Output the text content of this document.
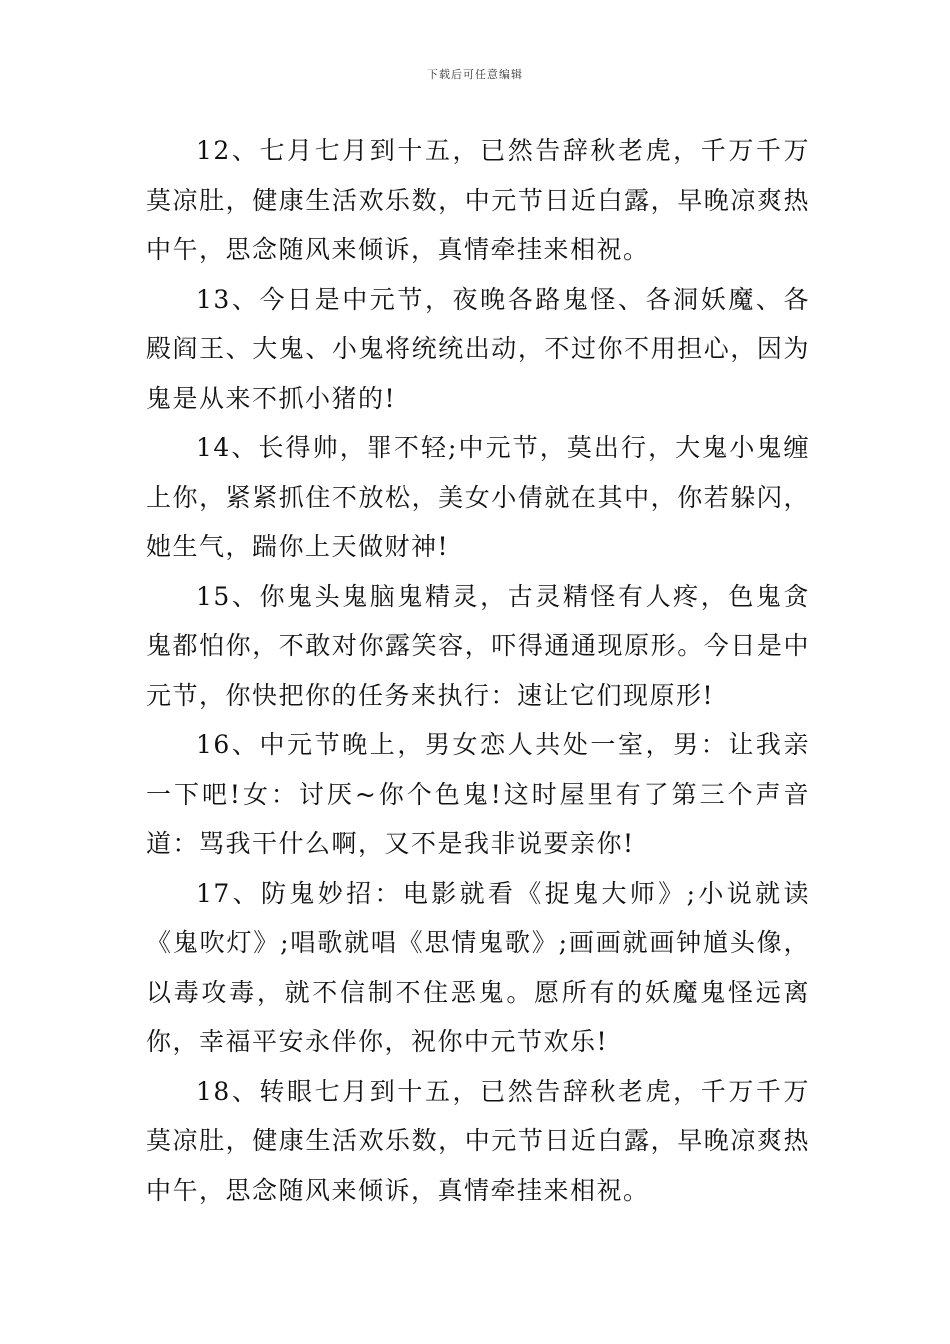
下载后可任意编辑

12、七月七月到十五，已然告辞秋老虎，千万千万莫凉肚，健康生活欢乐数，中元节日近白露，早晚凉爽热中午，思念随风来倾诉，真情牵挂来相祝。

13、今日是中元节，夜晚各路鬼怪、各洞妖魔、各殿阎王、大鬼、小鬼将统统出动，不过你不用担心，因为鬼是从来不抓小猪的!

14、长得帅，罪不轻;中元节，莫出行，大鬼小鬼缠上你，紧紧抓住不放松，美女小倩就在其中，你若躲闪，她生气，踹你上天做财神!

15、你鬼头鬼脑鬼精灵，古灵精怪有人疼，色鬼贪鬼都怕你，不敢对你露笑容，吓得通通现原形。今日是中元节，你快把你的任务来执行：速让它们现原形!

16、中元节晚上，男女恋人共处一室，男：让我亲一下吧!女：讨厌~你个色鬼!这时屋里有了第三个声音道：骂我干什么啊，又不是我非说要亲你!

17、防鬼妙招：电影就看《捉鬼大师》;小说就读《鬼吹灯》;唱歌就唱《思情鬼歌》;画画就画钟馗头像，以毒攻毒，就不信制不住恶鬼。愿所有的妖魔鬼怪远离你，幸福平安永伴你，祝你中元节欢乐!

18、转眼七月到十五，已然告辞秋老虎，千万千万莫凉肚，健康生活欢乐数，中元节日近白露，早晚凉爽热中午，思念随风来倾诉，真情牵挂来相祝。
